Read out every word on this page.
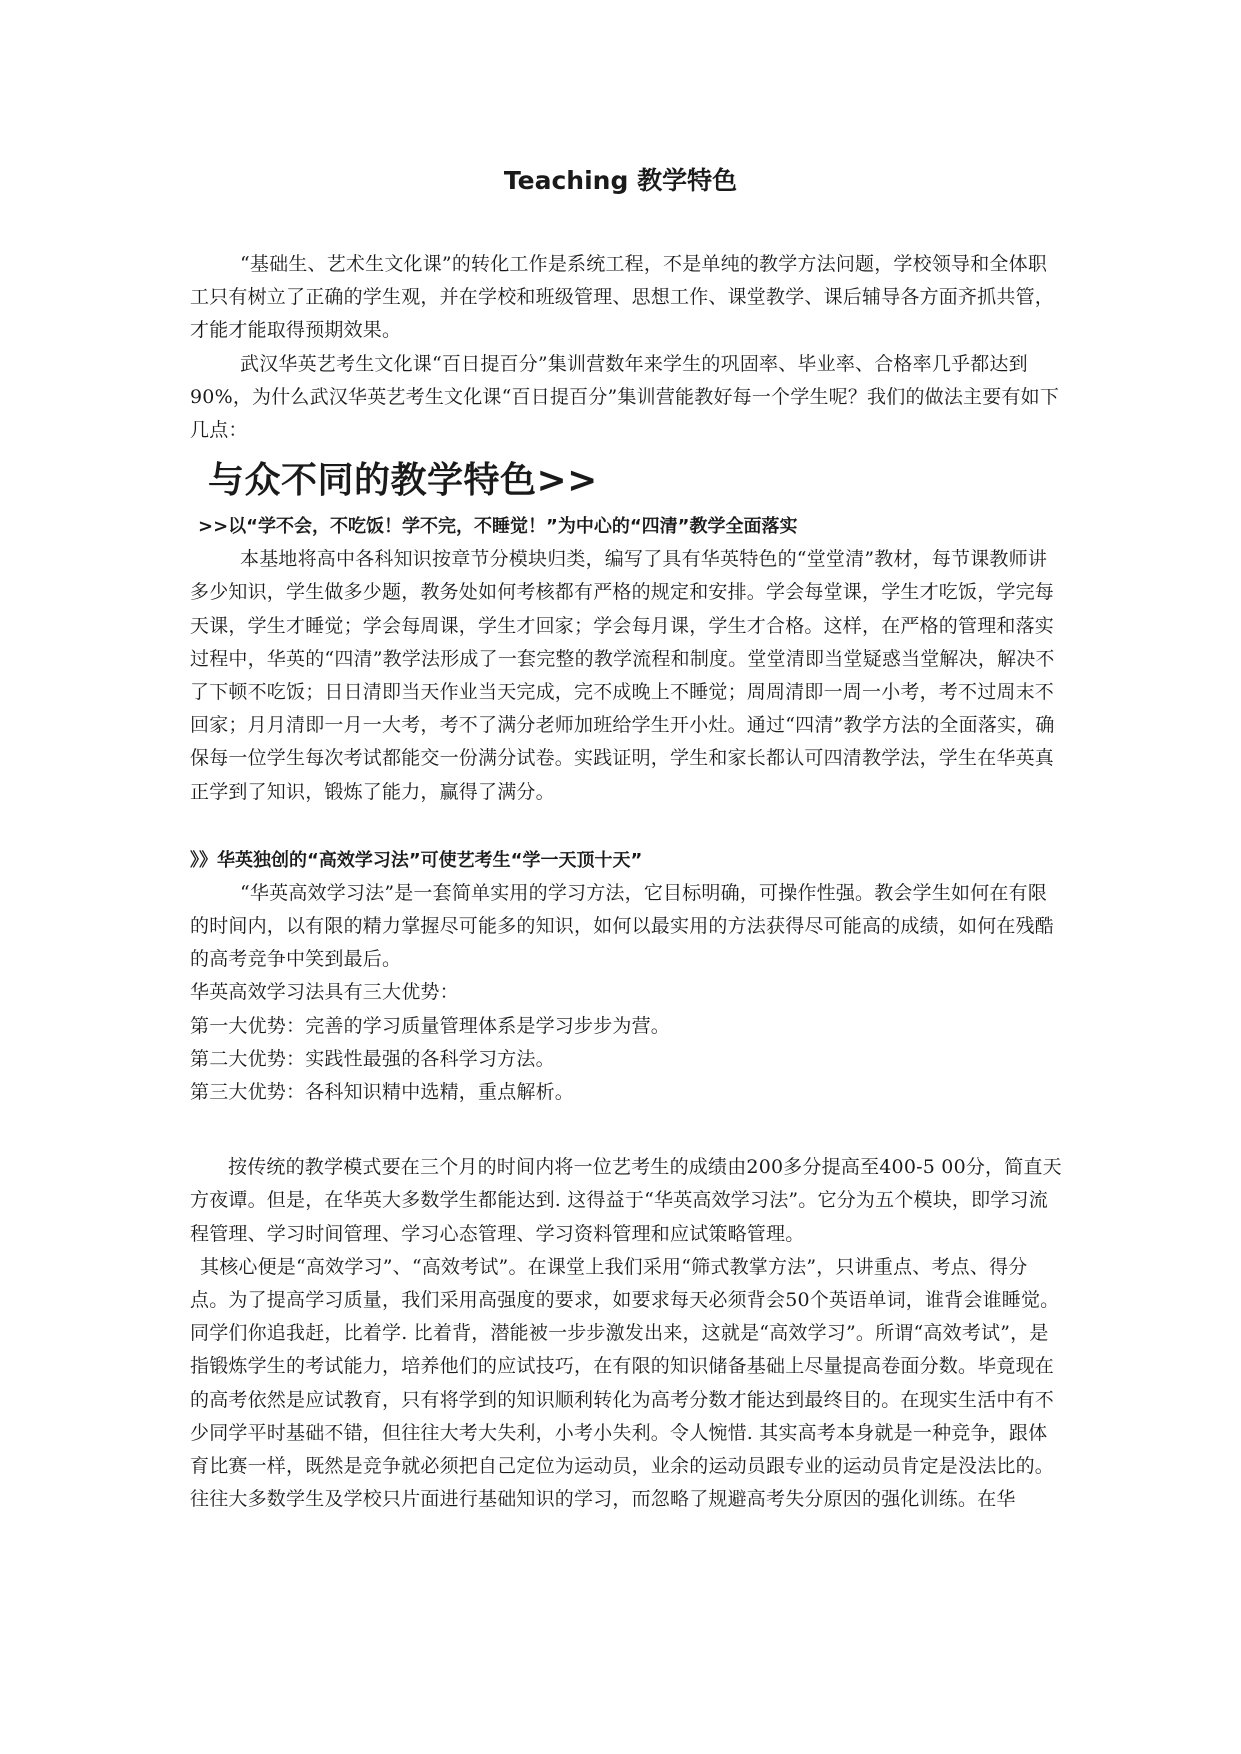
Teaching 教学特色

“基础生、艺术生文化课”的转化工作是系统工程，不是单纯的教学方法问题，学校领导和全体职工只有树立了正确的学生观，并在学校和班级管理、思想工作、课堂教学、课后辅导各方面齐抓共管，才能才能取得预期效果。

武汉华英艺考生文化课“百日提百分”集训营数年来学生的巩固率、毕业率、合格率几乎都达到90%，为什么武汉华英艺考生文化课“百日提百分”集训营能教好每一个学生呢？我们的做法主要有如下几点：

与众不同的教学特色>>
>>以“学不会，不吃饭！学不完，不睡觉！”为中心的“四清”教学全面落实

本基地将高中各科知识按章节分模块归类，编写了具有华英特色的“堂堂清”教材，每节课教师讲多少知识，学生做多少题，教务处如何考核都有严格的规定和安排。学会每堂课，学生才吃饭，学完每天课，学生才睡觉；学会每周课，学生才回家；学会每月课，学生才合格。这样，在严格的管理和落实过程中，华英的“四清”教学法形成了一套完整的教学流程和制度。堂堂清即当堂疑惑当堂解决，解决不了下顿不吃饭；日日清即当天作业当天完成，完不成晚上不睡觉；周周清即一周一小考，考不过周末不回家；月月清即一月一大考，考不了满分老师加班给学生开小灶。通过“四清”教学方法的全面落实，确保每一位学生每次考试都能交一份满分试卷。实践证明，学生和家长都认可四清教学法，学生在华英真正学到了知识，锻炼了能力，赢得了满分。

》》华英独创的“高效学习法”可使艺考生“学一天顶十天”

“华英高效学习法”是一套简单实用的学习方法，它目标明确，可操作性强。教会学生如何在有限的时间内，以有限的精力掌握尽可能多的知识，如何以最实用的方法获得尽可能高的成绩，如何在残酷的高考竞争中笑到最后。

华英高效学习法具有三大优势：

第一大优势：完善的学习质量管理体系是学习步步为营。

第二大优势：实践性最强的各科学习方法。

第三大优势：各科知识精中选精，重点解析。

按传统的教学模式要在三个月的时间内将一位艺考生的成绩由200多分提高至400-5 00分，简直天方夜谭。但是，在华英大多数学生都能达到. 这得益于“华英高效学习法”。它分为五个模块，即学习流程管理、学习时间管理、学习心态管理、学习资料管理和应试策略管理。

其核心便是“高效学习”、“高效考试”。在课堂上我们采用“筛式教掌方法”，只讲重点、考点、得分点。为了提高学习质量，我们采用高强度的要求，如要求每天必须背会50个英语单词，谁背会谁睡觉。同学们你追我赶，比着学. 比着背，潜能被一步步激发出来，这就是“高效学习”。所谓“高效考试”，是指锻炼学生的考试能力，培养他们的应试技巧，在有限的知识储备基础上尽量提高卷面分数。毕竟现在的高考依然是应试教育，只有将学到的知识顺利转化为高考分数才能达到最终目的。在现实生活中有不少同学平时基础不错，但往往大考大失利，小考小失利。令人惋惜. 其实高考本身就是一种竞争，跟体育比赛一样，既然是竞争就必须把自己定位为运动员，业余的运动员跟专业的运动员肯定是没法比的。往往大多数学生及学校只片面进行基础知识的学习，而忽略了规避高考失分原因的强化训练。在华
